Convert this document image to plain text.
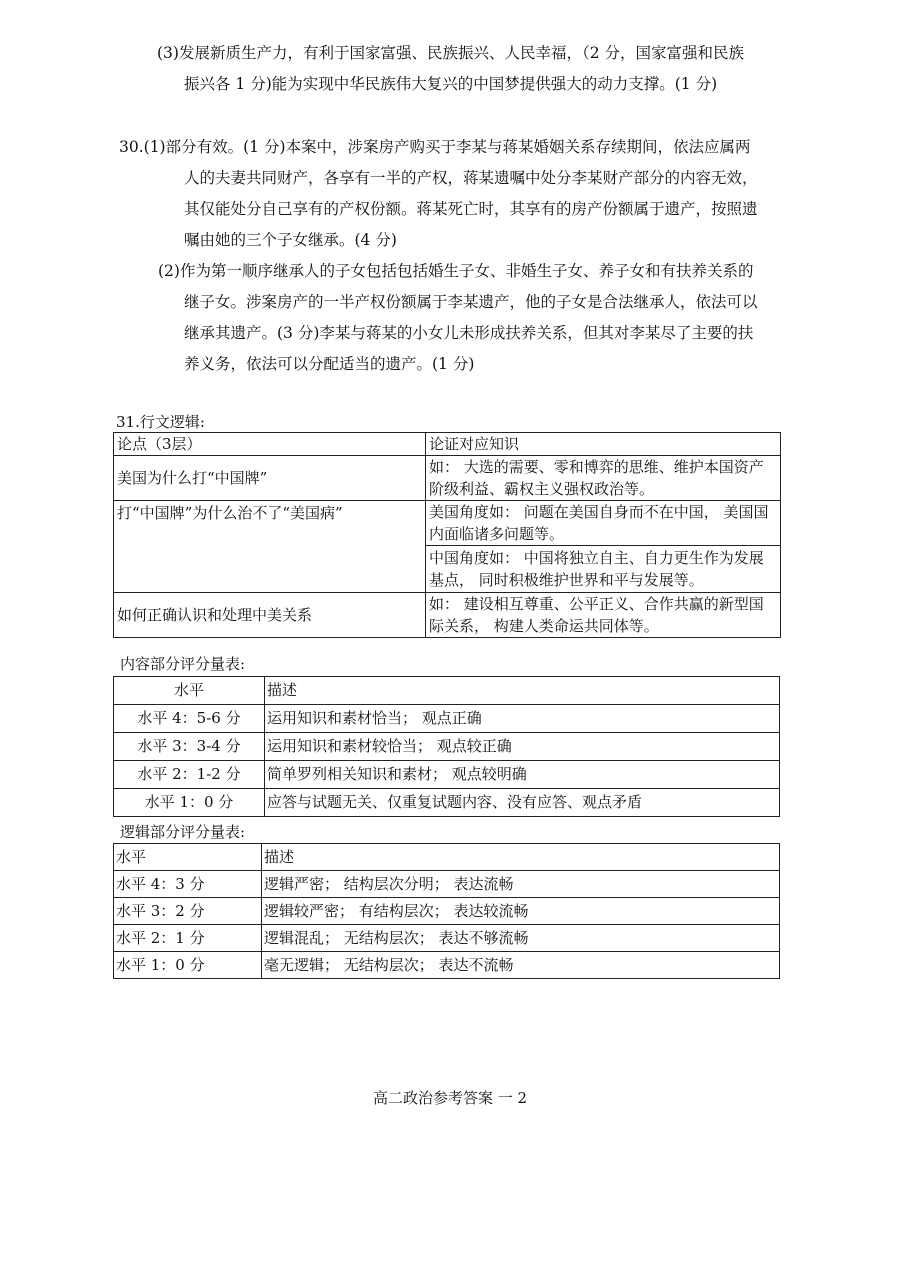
(3)发展新质生产力，有利于国家富强、民族振兴、人民幸福，（2 分，国家富强和民族

振兴各 1 分)能为实现中华民族伟大复兴的中国梦提供强大的动力支撑。(1 分)

30.(1)部分有效。(1 分)本案中，涉案房产购买于李某与蒋某婚姻关系存续期间，依法应属两

人的夫妻共同财产，各享有一半的产权，蒋某遗嘱中处分李某财产部分的内容无效，

其仅能处分自己享有的产权份额。蒋某死亡时，其享有的房产份额属于遗产，按照遗

嘱由她的三个子女继承。(4 分)

(2)作为第一顺序继承人的子女包括包括婚生子女、非婚生子女、养子女和有扶养关系的

继子女。涉案房产的一半产权份额属于李某遗产，他的子女是合法继承人，依法可以

继承其遗产。(3 分)李某与蒋某的小女儿未形成扶养关系，但其对李某尽了主要的扶

养义务，依法可以分配适当的遗产。(1 分)

31.行文逻辑:
论点（3层）	论证对应知识
美国为什么打“中国牌”	如： 大选的需要、零和博弈的思维、维护本国资产阶级利益、霸权主义强权政治等。
打“中国牌”为什么治不了“美国病”	美国角度如： 问题在美国自身而不在中国， 美国国内面临诸多问题等。
	中国角度如： 中国将独立自主、自力更生作为发展基点， 同时积极维护世界和平与发展等。
如何正确认识和处理中美关系	如： 建设相互尊重、公平正义、合作共赢的新型国际关系， 构建人类命运共同体等。
内容部分评分量表:
水平	描述
水平 4：5-6 分	运用知识和素材恰当； 观点正确
水平 3：3-4 分	运用知识和素材较恰当； 观点较正确
水平 2：1-2 分	简单罗列相关知识和素材； 观点较明确
水平 1：0 分	应答与试题无关、仅重复试题内容、没有应答、观点矛盾
逻辑部分评分量表:
水平	描述
水平 4：3 分	逻辑严密； 结构层次分明； 表达流畅
水平 3：2 分	逻辑较严密； 有结构层次； 表达较流畅
水平 2：1 分	逻辑混乱； 无结构层次； 表达不够流畅
水平 1：0 分	毫无逻辑； 无结构层次； 表达不流畅
高二政治参考答案 一 2
